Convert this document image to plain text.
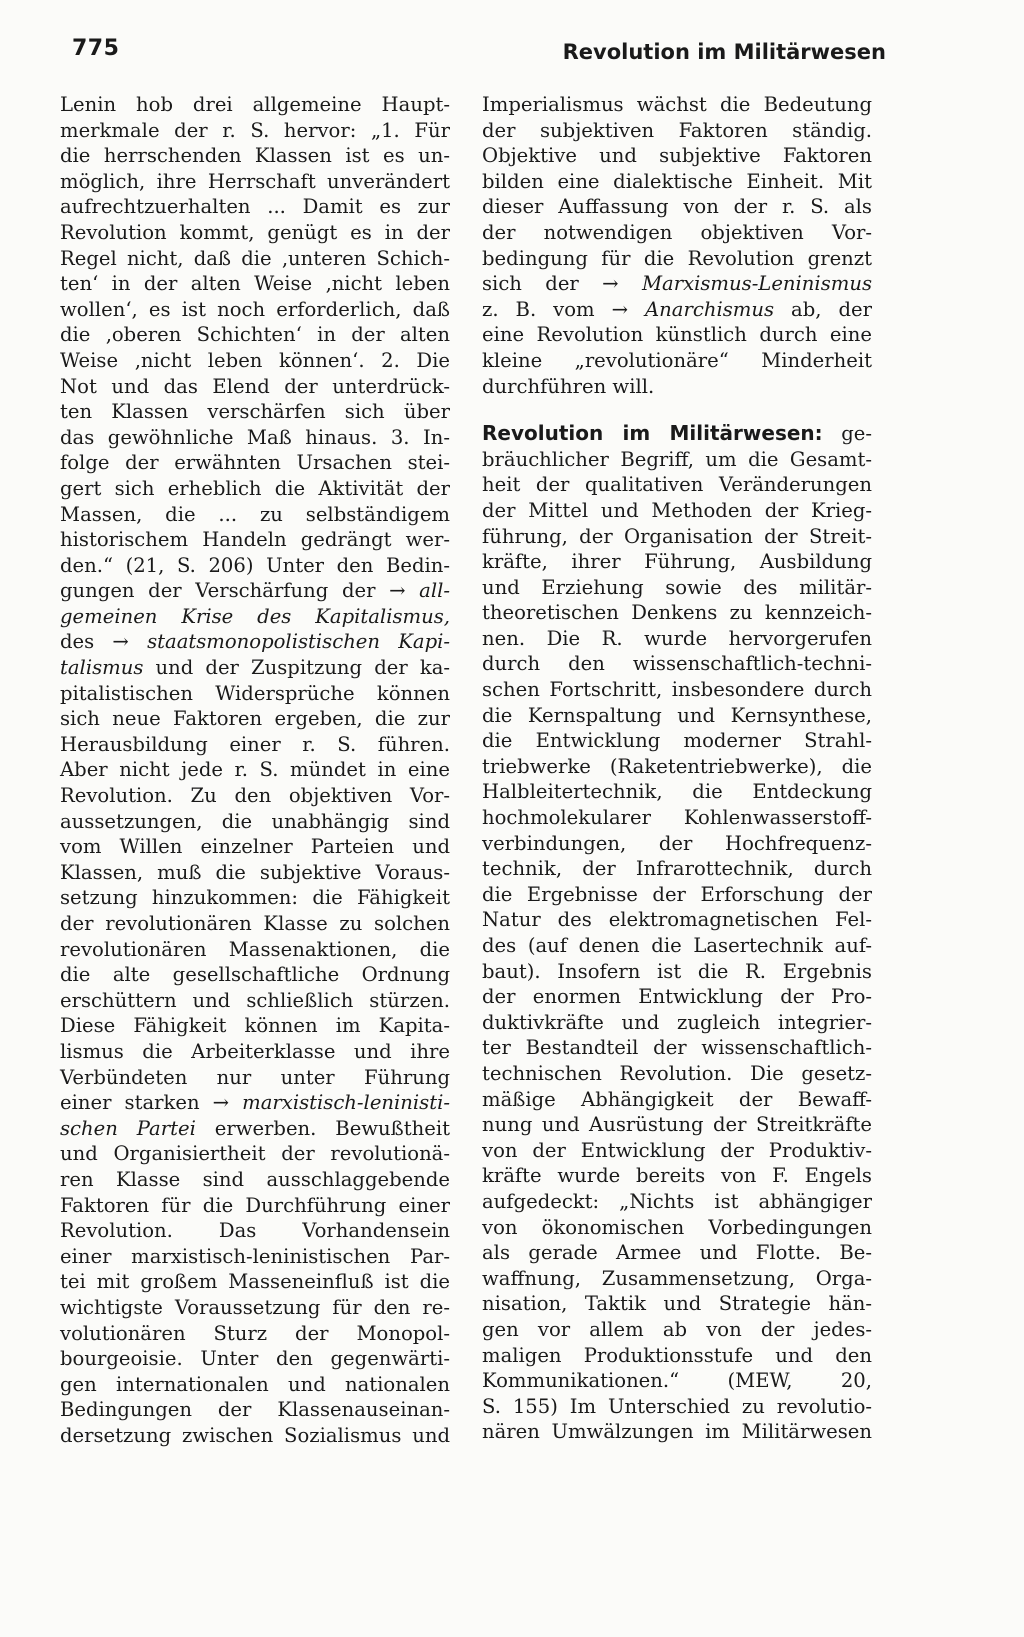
775	Revolution im Militärwesen
Lenin hob drei allgemeine Haupt-
merkmale der r. S. hervor: „1. Für
die herrschenden Klassen ist es un-
möglich, ihre Herrschaft unverändert
aufrechtzuerhalten ... Damit es zur
Revolution kommt, genügt es in der
Regel nicht, daß die ‚unteren Schich-
ten‘ in der alten Weise ‚nicht leben
wollen‘, es ist noch erforderlich, daß
die ‚oberen Schichten‘ in der alten
Weise ‚nicht leben können‘. 2. Die
Not und das Elend der unterdrück-
ten Klassen verschärfen sich über
das gewöhnliche Maß hinaus. 3. In-
folge der erwähnten Ursachen stei-
gert sich erheblich die Aktivität der
Massen, die ... zu selbständigem
historischem Handeln gedrängt wer-
den.“ (21, S. 206) Unter den Bedin-
gungen der Verschärfung der → all-
gemeinen Krise des Kapitalismus,
des → staatsmonopolistischen Kapi-
talismus und der Zuspitzung der ka-
pitalistischen Widersprüche können
sich neue Faktoren ergeben, die zur
Herausbildung einer r. S. führen.
Aber nicht jede r. S. mündet in eine
Revolution. Zu den objektiven Vor-
aussetzungen, die unabhängig sind
vom Willen einzelner Parteien und
Klassen, muß die subjektive Voraus-
setzung hinzukommen: die Fähigkeit
der revolutionären Klasse zu solchen
revolutionären Massenaktionen, die
die alte gesellschaftliche Ordnung
erschüttern und schließlich stürzen.
Diese Fähigkeit können im Kapita-
lismus die Arbeiterklasse und ihre
Verbündeten nur unter Führung
einer starken → marxistisch-leninisti-
schen Partei erwerben. Bewußtheit
und Organisiertheit der revolutionä-
ren Klasse sind ausschlaggebende
Faktoren für die Durchführung einer
Revolution. Das Vorhandensein
einer marxistisch-leninistischen Par-
tei mit großem Masseneinfluß ist die
wichtigste Voraussetzung für den re-
volutionären Sturz der Monopol-
bourgeoisie. Unter den gegenwärti-
gen internationalen und nationalen
Bedingungen der Klassenauseinan-
dersetzung zwischen Sozialismus und
Imperialismus wächst die Bedeutung
der subjektiven Faktoren ständig.
Objektive und subjektive Faktoren
bilden eine dialektische Einheit. Mit
dieser Auffassung von der r. S. als
der notwendigen objektiven Vor-
bedingung für die Revolution grenzt
sich der → Marxismus-Leninismus
z. B. vom → Anarchismus ab, der
eine Revolution künstlich durch eine
kleine „revolutionäre“ Minderheit
durchführen will.
Revolution im Militärwesen: ge-
bräuchlicher Begriff, um die Gesamt-
heit der qualitativen Veränderungen
der Mittel und Methoden der Krieg-
führung, der Organisation der Streit-
kräfte, ihrer Führung, Ausbildung
und Erziehung sowie des militär-
theoretischen Denkens zu kennzeich-
nen. Die R. wurde hervorgerufen
durch den wissenschaftlich-techni-
schen Fortschritt, insbesondere durch
die Kernspaltung und Kernsynthese,
die Entwicklung moderner Strahl-
triebwerke (Raketentriebwerke), die
Halbleitertechnik, die Entdeckung
hochmolekularer Kohlenwasserstoff-
verbindungen, der Hochfrequenz-
technik, der Infrarottechnik, durch
die Ergebnisse der Erforschung der
Natur des elektromagnetischen Fel-
des (auf denen die Lasertechnik auf-
baut). Insofern ist die R. Ergebnis
der enormen Entwicklung der Pro-
duktivkräfte und zugleich integrier-
ter Bestandteil der wissenschaftlich-
technischen Revolution. Die gesetz-
mäßige Abhängigkeit der Bewaff-
nung und Ausrüstung der Streitkräfte
von der Entwicklung der Produktiv-
kräfte wurde bereits von F. Engels
aufgedeckt: „Nichts ist abhängiger
von ökonomischen Vorbedingungen
als gerade Armee und Flotte. Be-
waffnung, Zusammensetzung, Orga-
nisation, Taktik und Strategie hän-
gen vor allem ab von der jedes-
maligen Produktionsstufe und den
Kommunikationen.“ (MEW, 20,
S. 155) Im Unterschied zu revolutio-
nären Umwälzungen im Militärwesen
